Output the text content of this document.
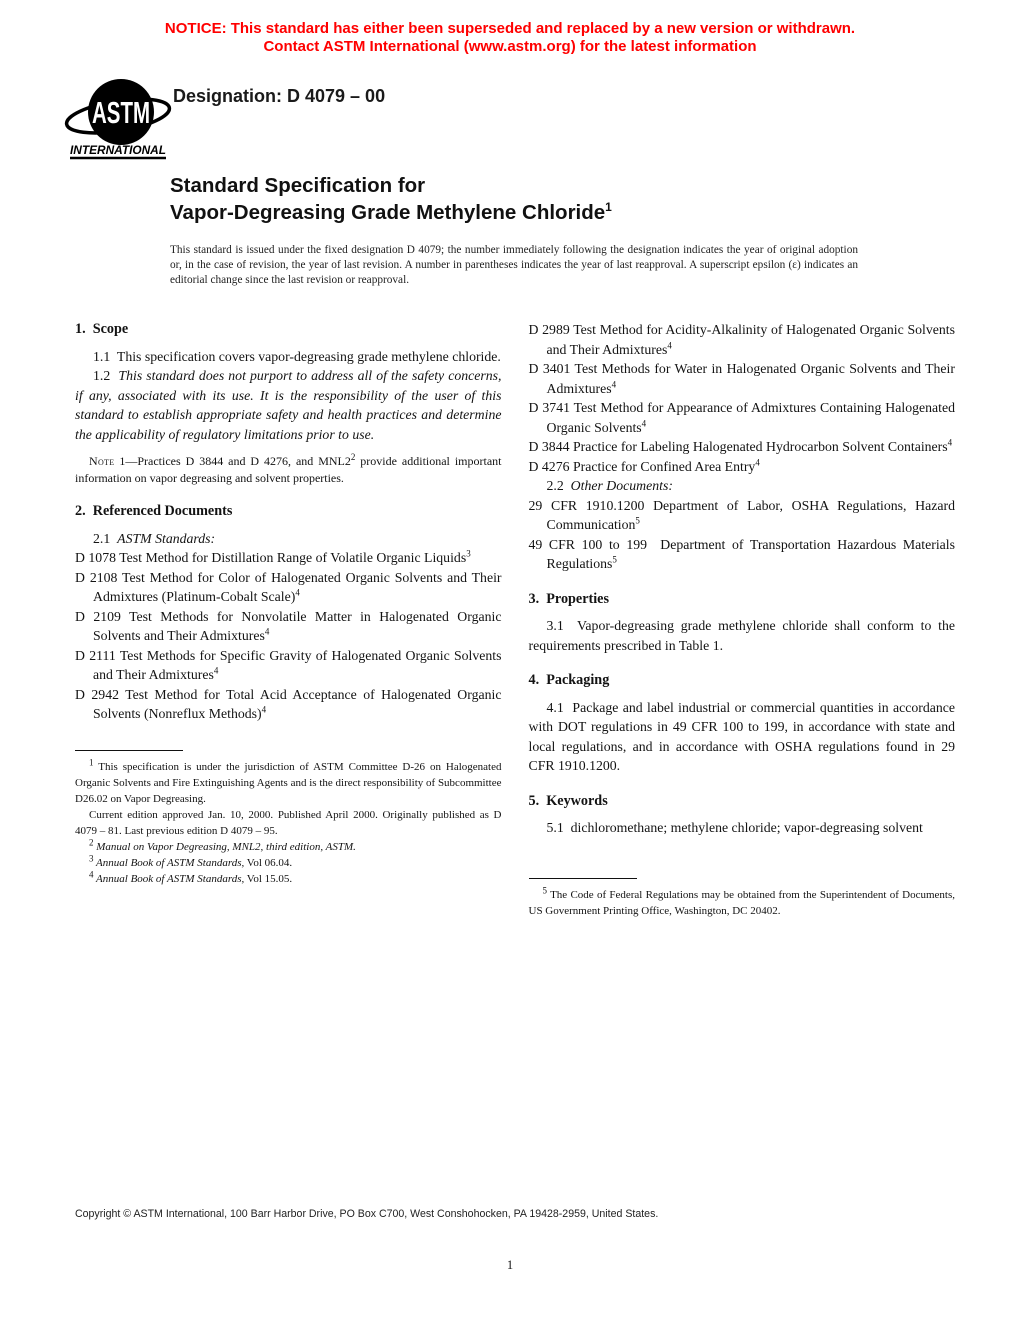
NOTICE: This standard has either been superseded and replaced by a new version or withdrawn.
Contact ASTM International (www.astm.org) for the latest information
ASTM
INTERNATIONAL
Designation: D 4079 – 00
Standard Specification for
Vapor-Degreasing Grade Methylene Chloride$^1$
This standard is issued under the fixed designation D 4079; the number immediately following the designation indicates the year of original adoption or, in the case of revision, the year of last revision. A number in parentheses indicates the year of last reapproval. A superscript epsilon (ε) indicates an editorial change since the last revision or reapproval.
1.  Scope

1.1  This specification covers vapor-degreasing grade methylene chloride.

1.2  This standard does not purport to address all of the safety concerns, if any, associated with its use. It is the responsibility of the user of this standard to establish appropriate safety and health practices and determine the applicability of regulatory limitations prior to use.

Note 1—Practices D 3844 and D 4276, and $MNL2^2$ provide additional important information on vapor degreasing and solvent properties.

2.  Referenced Documents

2.1  ASTM Standards:

D 1078 Test Method for Distillation Range of Volatile Organic Liquids$^3$

D 2108 Test Method for Color of Halogenated Organic Solvents and Their Admixtures (Platinum-Cobalt Scale)$^4$

D 2109 Test Methods for Nonvolatile Matter in Halogenated Organic Solvents and Their Admixtures$^4$

D 2111 Test Methods for Specific Gravity of Halogenated Organic Solvents and Their Admixtures$^4$

D 2942 Test Method for Total Acid Acceptance of Halogenated Organic Solvents (Nonreflux Methods)$^4$

$^1$ This specification is under the jurisdiction of ASTM Committee D-26 on Halogenated Organic Solvents and Fire Extinguishing Agents and is the direct responsibility of Subcommittee D26.02 on Vapor Degreasing.

Current edition approved Jan. 10, 2000. Published April 2000. Originally published as D 4079 – 81. Last previous edition D 4079 – 95.

$^2$ Manual on Vapor Degreasing, MNL2, third edition, ASTM.

$^3$ Annual Book of ASTM Standards, Vol 06.04.

$^4$ Annual Book of ASTM Standards, Vol 15.05.

D 2989 Test Method for Acidity-Alkalinity of Halogenated Organic Solvents and Their Admixtures$^4$

D 3401 Test Methods for Water in Halogenated Organic Solvents and Their Admixtures$^4$

D 3741 Test Method for Appearance of Admixtures Containing Halogenated Organic Solvents$^4$

D 3844 Practice for Labeling Halogenated Hydrocarbon Solvent Containers$^4$

D 4276 Practice for Confined Area Entry$^4$

2.2  Other Documents:

29 CFR 1910.1200 Department of Labor, OSHA Regulations, Hazard Communication$^5$

49 CFR 100 to 199  Department of Transportation Hazardous Materials Regulations$^5$

3.  Properties

3.1  Vapor-degreasing grade methylene chloride shall conform to the requirements prescribed in Table 1.

4.  Packaging

4.1  Package and label industrial or commercial quantities in accordance with DOT regulations in 49 CFR 100 to 199, in accordance with state and local regulations, and in accordance with OSHA regulations found in 29 CFR 1910.1200.

5.  Keywords

5.1  dichloromethane; methylene chloride; vapor-degreasing solvent

$^5$ The Code of Federal Regulations may be obtained from the Superintendent of Documents, US Government Printing Office, Washington, DC 20402.

Copyright © ASTM International, 100 Barr Harbor Drive, PO Box C700, West Conshohocken, PA 19428-2959, United States.
1
